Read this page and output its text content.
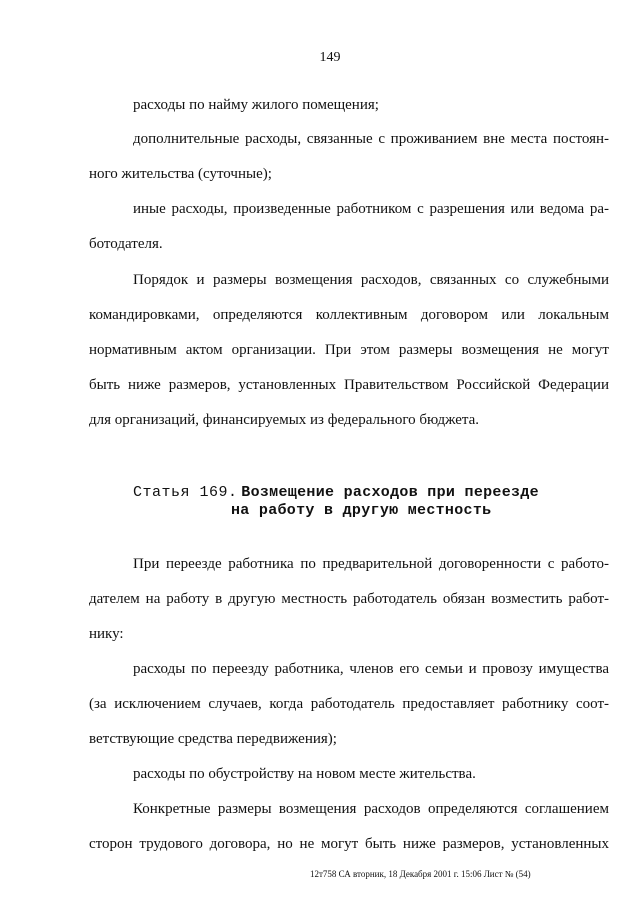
149
расходы по найму жилого помещения;
дополнительные расходы, связанные с проживанием вне места постоян-
ного жительства (суточные);
иные расходы, произведенные работником с разрешения или ведома ра-
ботодателя.
Порядок и размеры возмещения расходов, связанных со служебными
командировками, определяются коллективным договором или локальным
нормативным актом организации. При этом размеры возмещения не могут
быть ниже размеров, установленных Правительством Российской Федерации
для организаций, финансируемых из федерального бюджета.
Статья 169. Возмещение расходов при переезде
на работу в другую местность
При переезде работника по предварительной договоренности с работо-
дателем на работу в другую местность работодатель обязан возместить работ-
нику:
расходы по переезду работника, членов его семьи и провозу имущества
(за исключением случаев, когда работодатель предоставляет работнику соот-
ветствующие средства передвижения);
расходы по обустройству на новом месте жительства.
Конкретные размеры возмещения расходов определяются соглашением
сторон трудового договора, но не могут быть ниже размеров, установленных
12т758 СА вторник, 18 Декабря 2001 г. 15:06 Лист № (54)
